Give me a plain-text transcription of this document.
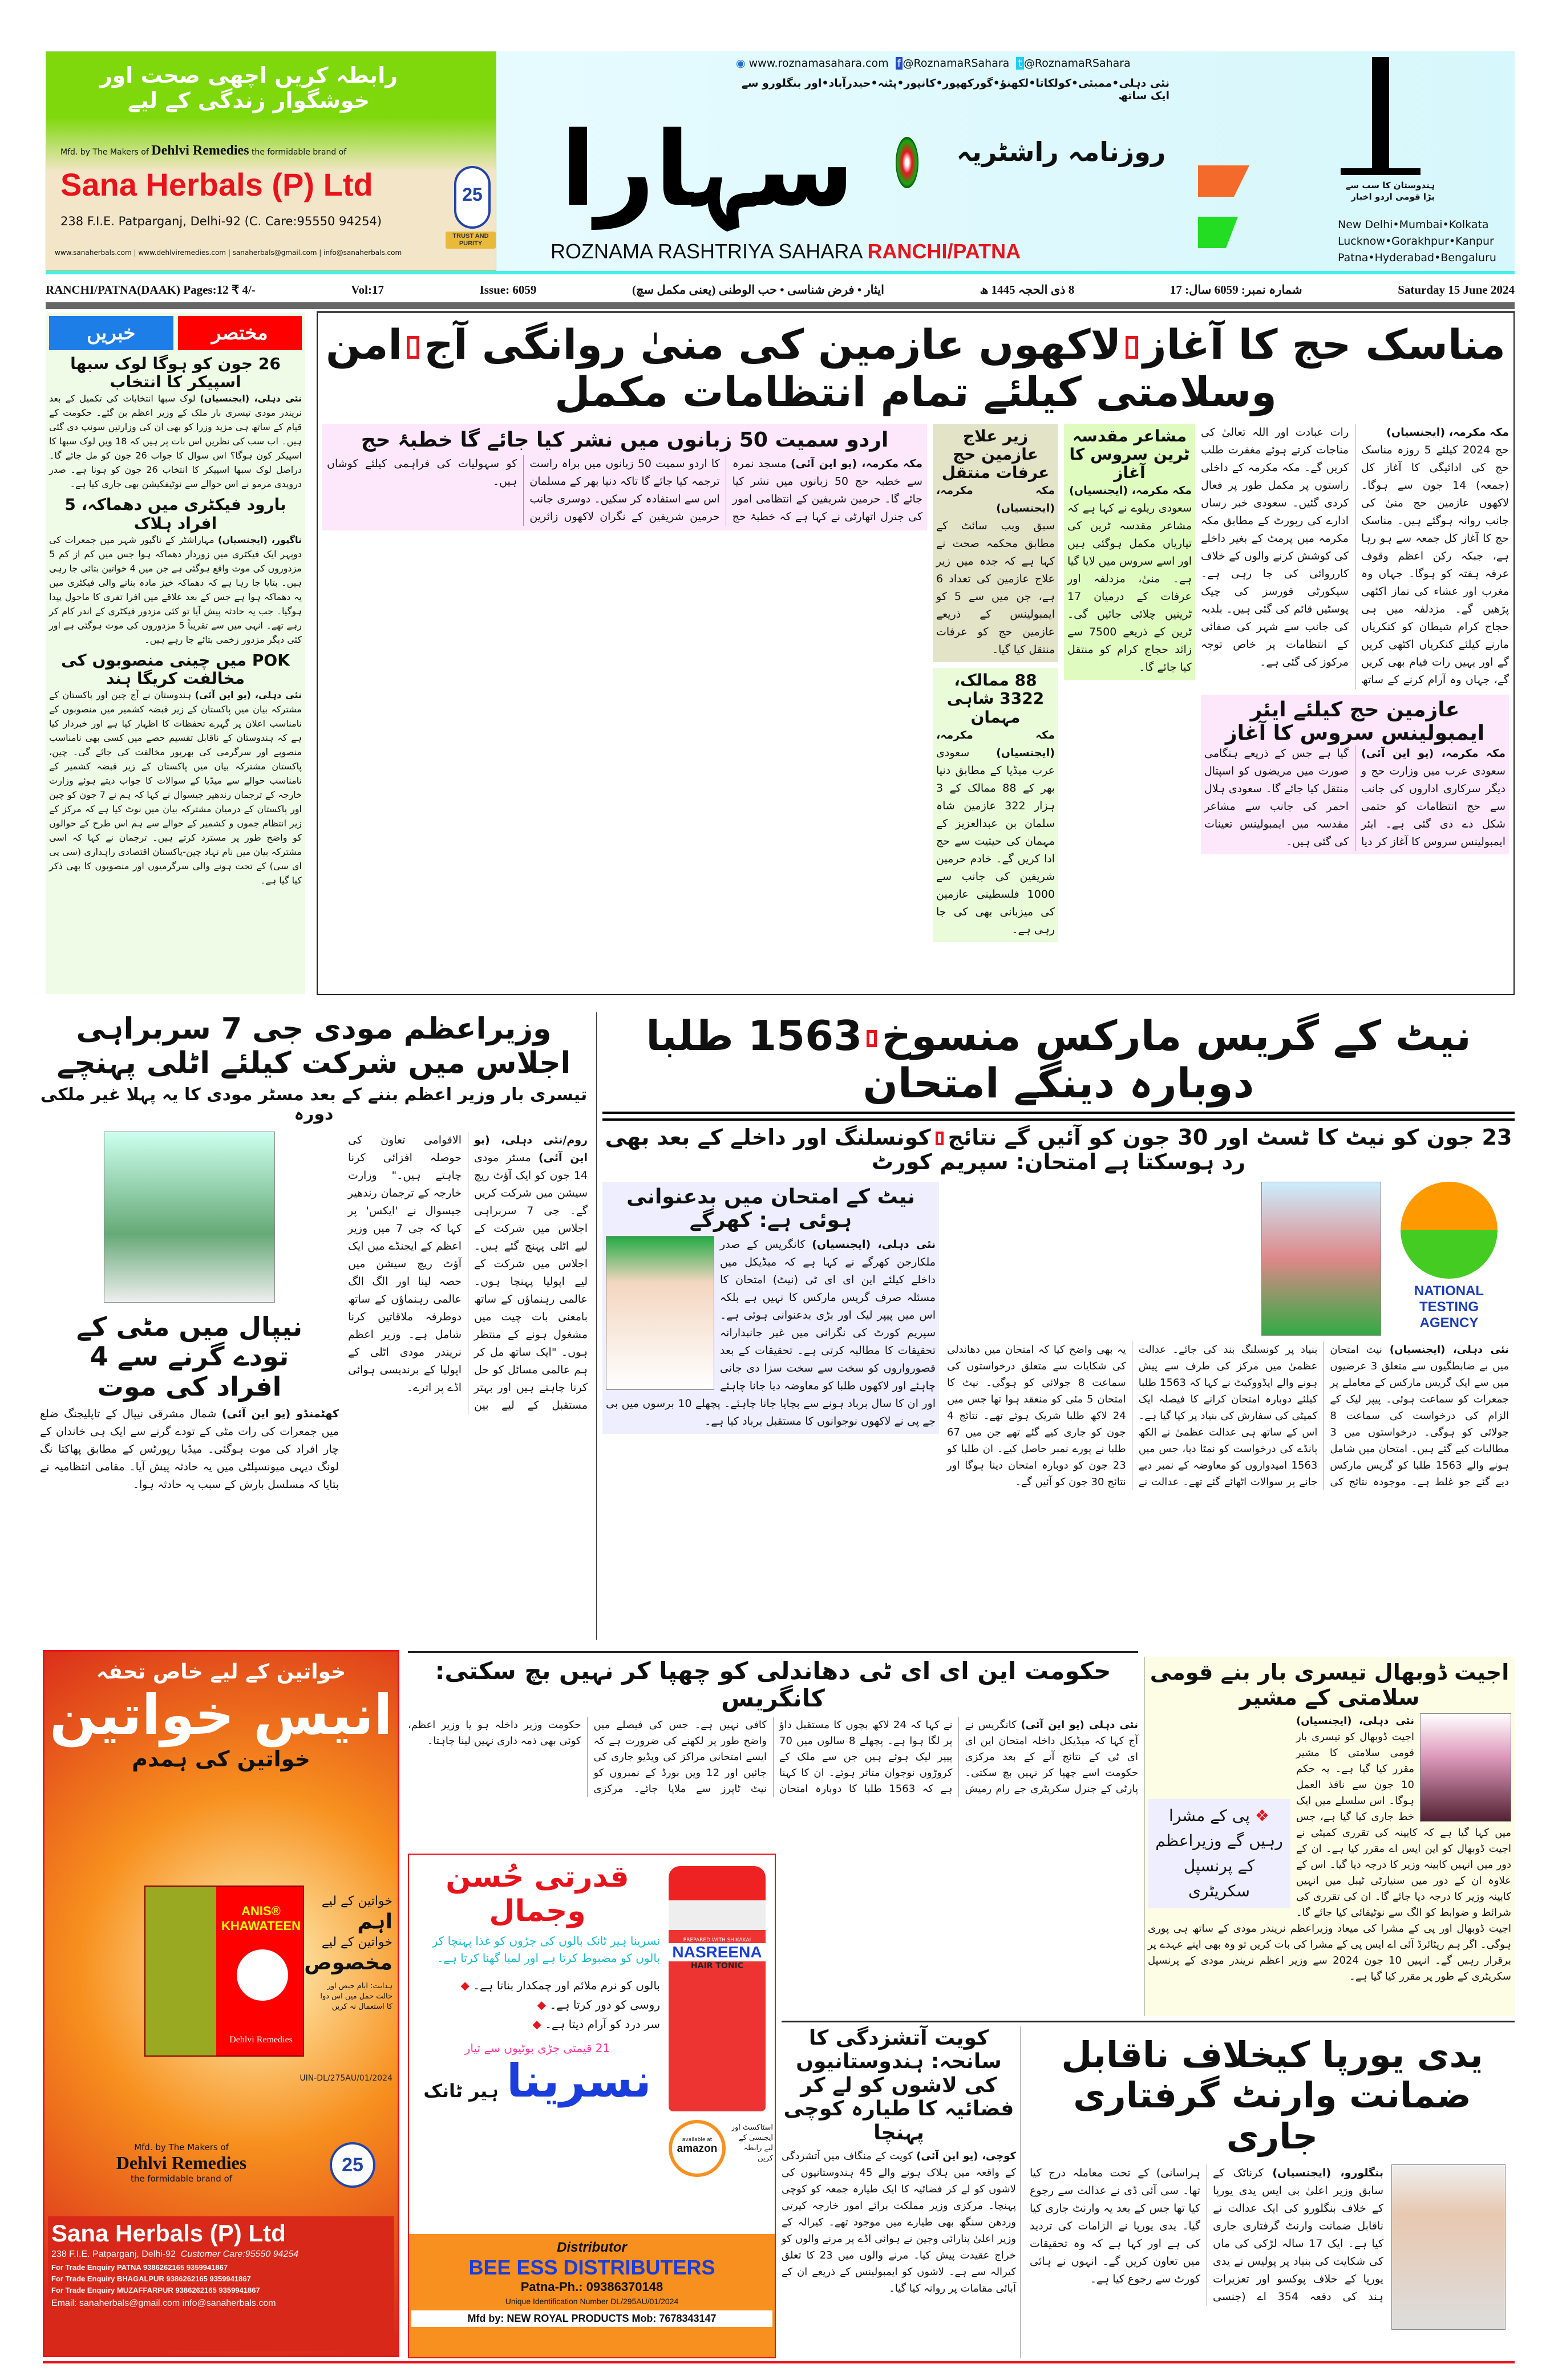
رابطہ کریں اچھی صحت اور خوشگوار زندگی کے لیے
Mfd. by The Makers of Dehlvi Remedies the formidable brand of
Sana Herbals (P) Ltd
238 F.I.E. Patparganj, Delhi-92 (C. Care:95550 94254)
www.sanaherbals.com | www.dehlviremedies.com | sanaherbals@gmail.com | info@sanaherbals.com
25
TRUST AND PURITY
سہارا	روزنامہ راشٹریہ
◉ www.roznamasahara.com f @RoznamaRSahara t @RoznamaRSahara
نئی دہلی•ممبئی•کولکاتا•لکھنؤ•گورکھپور•کانپور•پٹنہ•حیدرآباد•اور بنگلورو سے ایک ساتھ
ROZNAMA RASHTRIYA SAHARA RANCHI/PATNA
ہندوستان کا سب سے بڑا قومی اردو اخبار
New Delhi•Mumbai•Kolkata
Lucknow•Gorakhpur•Kanpur
Patna•Hyderabad•Bengaluru
RANCHI/PATNA(DAAK) Pages:12 ₹ 4/-	Vol:17	Issue: 6059	ایثار • فرض شناسی • حب الوطنی (یعنی مکمل سچ)	8 ذی الحجہ 1445 ھ	شمارہ نمبر: 6059 سال: 17	Saturday 15 June 2024
خبریں	مختصر
26 جون کو ہوگا لوک سبھا اسپیکر کا انتخاب
نئی دہلی، (ایجنسیاں) لوک سبھا انتخابات کی تکمیل کے بعد نریندر مودی تیسری بار ملک کے وزیر اعظم بن گئے۔ حکومت کے قیام کے ساتھ ہی مزید وزرا کو بھی ان کی وزارتیں سونپ دی گئی ہیں۔ اب سب کی نظریں اس بات پر ہیں کہ 18 ویں لوک سبھا کا اسپیکر کون ہوگا؟ اس سوال کا جواب 26 جون کو مل جائے گا۔ دراصل لوک سبھا اسپیکر کا انتخاب 26 جون کو ہونا ہے۔ صدر دروپدی مرمو نے اس حوالے سے نوٹیفکیشن بھی جاری کیا ہے۔
بارود فیکٹری میں دھماکہ، 5 افراد ہلاک
ناگپور، (ایجنسیاں) مہاراشٹر کے ناگپور شہر میں جمعرات کی دوپہر ایک فیکٹری میں زوردار دھماکہ ہوا جس میں کم از کم 5 مزدوروں کی موت واقع ہوگئی ہے جن میں 4 خواتین بتائی جا رہی ہیں۔ بتایا جا رہا ہے کہ دھماکہ خیز مادہ بنانے والی فیکٹری میں یہ دھماکہ ہوا ہے جس کے بعد علاقے میں افرا تفری کا ماحول پیدا ہوگیا۔ جب یہ حادثہ پیش آیا تو کئی مزدور فیکٹری کے اندر کام کر رہے تھے۔ انہی میں سے تقریباً 5 مزدوروں کی موت ہوگئی ہے اور کئی دیگر مزدور زخمی بتائے جا رہے ہیں۔
POK میں چینی منصوبوں کی مخالفت کریگا ہند
نئی دہلی، (یو این آئی) ہندوستان نے آج چین اور پاکستان کے مشترکہ بیان میں پاکستان کے زیر قبضہ کشمیر میں منصوبوں کے نامناسب اعلان پر گہرے تحفظات کا اظہار کیا ہے اور خبردار کیا ہے کہ ہندوستان کے ناقابل تقسیم حصے میں کسی بھی نامناسب منصوبے اور سرگرمی کی بھرپور مخالفت کی جائے گی۔ چین، پاکستان مشترکہ بیان میں پاکستان کے زیر قبضہ کشمیر کے نامناسب حوالے سے میڈیا کے سوالات کا جواب دیتے ہوئے وزارت خارجہ کے ترجمان رندھیر جیسوال نے کہا کہ ہم نے 7 جون کو چین اور پاکستان کے درمیان مشترکہ بیان میں نوٹ کیا ہے کہ مرکز کے زیر انتظام جموں و کشمیر کے حوالے سے ہم اس طرح کے حوالوں کو واضح طور پر مسترد کرتے ہیں۔ ترجمان نے کہا کہ اسی مشترکہ بیان میں نام نہاد چین-پاکستان اقتصادی راہداری (سی پی ای سی) کے تحت ہونے والی سرگرمیوں اور منصوبوں کا بھی ذکر کیا گیا ہے۔
مناسک حج کا آغازلاکھوں عازمین کی منیٰ روانگی آجامن وسلامتی کیلئے تمام انتظامات مکمل
اردو سمیت 50 زبانوں میں نشر کیا جائے گا خطبۂ حج
مکہ مکرمہ، (یو این آئی) مسجد نمرہ سے خطبہ حج 50 زبانوں میں نشر کیا جائے گا۔ حرمین شریفین کے انتظامی امور کی جنرل اتھارٹی نے کہا ہے کہ خطبۂ حج کا اردو سمیت 50 زبانوں میں براہ راست ترجمہ کیا جائے گا تاکہ دنیا بھر کے مسلمان اس سے استفادہ کر سکیں۔ دوسری جانب حرمین شریفین کے نگران لاکھوں زائرین کو سہولیات کی فراہمی کیلئے کوشاں ہیں۔
زیر علاج عازمین حج عرفات منتقل
مکہ مکرمہ، (ایجنسیاں)
سبق ویب سائٹ کے مطابق محکمہ صحت نے کہا ہے کہ جدہ میں زیر علاج عازمین کی تعداد 6 ہے، جن میں سے 5 کو ایمبولینس کے ذریعے عازمین حج کو عرفات منتقل کیا گیا۔
88 ممالک، 3322 شاہی مہمان
مکہ مکرمہ، (ایجنسیاں) سعودی عرب میڈیا کے مطابق دنیا بھر کے 88 ممالک کے 3 ہزار 322 عازمین شاہ سلمان بن عبدالعزیز کے مہمان کی حیثیت سے حج ادا کریں گے۔ خادم حرمین شریفین کی جانب سے 1000 فلسطینی عازمین کی میزبانی بھی کی جا رہی ہے۔
مشاعر مقدسہ ٹرین سروس کا آغاز
مکہ مکرمہ، (ایجنسیاں)
سعودی ریلوے نے کہا ہے کہ مشاعر مقدسہ ٹرین کی تیاریاں مکمل ہوگئی ہیں اور اسے سروس میں لایا گیا ہے۔ منیٰ، مزدلفہ اور عرفات کے درمیان 17 ٹرینیں چلائی جائیں گی۔ ٹرین کے ذریعے 7500 سے زائد حجاج کرام کو منتقل کیا جائے گا۔
مکہ مکرمہ، (ایجنسیاں)
حج 2024 کیلئے 5 روزہ مناسک حج کی ادائیگی کا آغاز کل (جمعہ) 14 جون سے ہوگا۔ لاکھوں عازمین حج منیٰ کی جانب روانہ ہوگئے ہیں۔ مناسک حج کا آغاز کل جمعہ سے ہو رہا ہے، جبکہ رکن اعظم وقوف عرفہ ہفتہ کو ہوگا۔ جہاں وہ مغرب اور عشاء کی نماز اکٹھی پڑھیں گے۔ مزدلفہ میں ہی حجاج کرام شیطان کو کنکریاں مارنے کیلئے کنکریاں اکٹھی کریں گے اور یہیں رات قیام بھی کریں گے، جہاں وہ آرام کرنے کے ساتھ رات عبادت اور اللہ تعالیٰ کی مناجات کرتے ہوئے مغفرت طلب کریں گے۔ مکہ مکرمہ کے داخلی راستوں پر مکمل طور پر فعال کردی گئیں۔ سعودی خبر رساں ادارے کی رپورٹ کے مطابق مکہ مکرمہ میں پرمٹ کے بغیر داخلے کی کوشش کرنے والوں کے خلاف کارروائی کی جا رہی ہے۔ سیکورٹی فورسز کی چیک پوسٹیں قائم کی گئی ہیں۔ بلدیہ کی جانب سے شہر کی صفائی کے انتظامات پر خاص توجہ مرکوز کی گئی ہے۔
عازمین حج کیلئے ایئر ایمبولینس سروس کا آغاز
مکہ مکرمہ، (یو این آئی) سعودی عرب میں وزارت حج و دیگر سرکاری اداروں کی جانب سے حج انتظامات کو حتمی شکل دے دی گئی ہے۔ ایئر ایمبولینس سروس کا آغاز کر دیا گیا ہے جس کے ذریعے ہنگامی صورت میں مریضوں کو اسپتال منتقل کیا جائے گا۔ سعودی ہلال احمر کی جانب سے مشاعر مقدسہ میں ایمبولینس تعینات کی گئی ہیں۔
وزیراعظم مودی جی 7 سربراہی اجلاس میں شرکت کیلئے اٹلی پہنچے
تیسری بار وزیر اعظم بننے کے بعد مسٹر مودی کا یہ پہلا غیر ملکی دورہ
نیپال میں مٹی کے تودے گرنے سے 4 افراد کی موت
کھٹمنڈو (یو این آئی) شمال مشرقی نیپال کے تاپلیجنگ ضلع میں جمعرات کی رات مٹی کے تودے گرنے سے ایک ہی خاندان کے چار افراد کی موت ہوگئی۔ میڈیا رپورٹس کے مطابق پھاکتا نگ لونگ دیہی میونسپلٹی میں یہ حادثہ پیش آیا۔ مقامی انتظامیہ نے بتایا کہ مسلسل بارش کے سبب یہ حادثہ ہوا۔
روم/نئی دہلی، (یو این آئی) مسٹر مودی 14 جون کو ایک آؤٹ ریچ سیشن میں شرکت کریں گے۔ جی 7 سربراہی اجلاس میں شرکت کے لیے اٹلی پہنچ گئے ہیں۔ اجلاس میں شرکت کے لیے اپولیا پہنچا ہوں۔ عالمی رہنماؤں کے ساتھ بامعنی بات چیت میں مشغول ہونے کے منتظر ہوں۔ "ایک ساتھ مل کر ہم عالمی مسائل کو حل کرنا چاہتے ہیں اور بہتر مستقبل کے لیے بین الاقوامی تعاون کی حوصلہ افزائی کرنا چاہتے ہیں۔" وزارت خارجہ کے ترجمان رندھیر جیسوال نے 'ایکس' پر کہا کہ جی 7 میں وزیر اعظم کے ایجنڈے میں ایک آؤٹ ریچ سیشن میں حصہ لینا اور الگ الگ عالمی رہنماؤں کے ساتھ دوطرفہ ملاقاتیں کرنا شامل ہے۔ وزیر اعظم نریندر مودی اٹلی کے اپولیا کے برندیسی ہوائی اڈے پر اترے۔
نیٹ کے گریس مارکس منسوخ1563 طلبا دوبارہ دینگے امتحان
23 جون کو نیٹ کا ٹسٹ اور 30 جون کو آئیں گے نتائجکونسلنگ اور داخلے کے بعد بھی رد ہوسکتا ہے امتحان: سپریم کورٹ
نیٹ کے امتحان میں بدعنوانی ہوئی ہے: کھرگے
نئی دہلی، (ایجنسیاں) کانگریس کے صدر ملکارجن کھرگے نے کہا ہے کہ میڈیکل میں داخلے کیلئے این ای ای ٹی (نیٹ) امتحان کا مسئلہ صرف گریس مارکس کا نہیں ہے بلکہ اس میں پیپر لیک اور بڑی بدعنوانی ہوئی ہے۔ سپریم کورٹ کی نگرانی میں غیر جانبدارانہ تحقیقات کا مطالبہ کرتی ہے۔ تحقیقات کے بعد قصورواروں کو سخت سے سخت سزا دی جانی چاہئے اور لاکھوں طلبا کو معاوضہ دیا جانا چاہئے اور ان کا سال برباد ہونے سے بچایا جانا چاہئے۔ پچھلے 10 برسوں میں بی جے پی نے لاکھوں نوجوانوں کا مستقبل برباد کیا ہے۔
NATIONAL TESTING AGENCY
نئی دہلی، (ایجنسیاں) نیٹ امتحان میں بے ضابطگیوں سے متعلق 3 عرضیوں میں سے ایک گریس مارکس کے معاملے پر جمعرات کو سماعت ہوئی۔ پیپر لیک کے الزام کی درخواست کی سماعت 8 جولائی کو ہوگی۔ درخواستوں میں 3 مطالبات کیے گئے ہیں۔ امتحان میں شامل ہونے والے 1563 طلبا کو گریس مارکس دیے گئے جو غلط ہے۔ موجودہ نتائج کی بنیاد پر کونسلنگ بند کی جائے۔ عدالت عظمیٰ میں مرکز کی طرف سے پیش ہونے والے ایڈووکیٹ نے کہا کہ 1563 طلبا کیلئے دوبارہ امتحان کرانے کا فیصلہ ایک کمیٹی کی سفارش کی بنیاد پر کیا گیا ہے۔ اس کے ساتھ ہی عدالت عظمیٰ نے الکھ پانڈے کی درخواست کو نمٹا دیا، جس میں 1563 امیدواروں کو معاوضہ کے نمبر دیے جانے پر سوالات اٹھائے گئے تھے۔ عدالت نے یہ بھی واضح کیا کہ امتحان میں دھاندلی کی شکایات سے متعلق درخواستوں کی سماعت 8 جولائی کو ہوگی۔ نیٹ کا امتحان 5 مئی کو منعقد ہوا تھا جس میں 24 لاکھ طلبا شریک ہوئے تھے۔ نتائج 4 جون کو جاری کیے گئے تھے جن میں 67 طلبا نے پورے نمبر حاصل کیے۔ ان طلبا کو 23 جون کو دوبارہ امتحان دینا ہوگا اور نتائج 30 جون کو آئیں گے۔
خواتین کے لیے خاص تحفہ
انیس خواتین
خواتین کی ہمدم
ANIS® KHAWATEEN
Dehlvi Remedies
خواتین کے لیے
اہم
خواتین کے لیے
مخصوص
ہدایت: ایام حیض اور حالت حمل میں اس دوا کا استعمال نہ کریں
UIN-DL/275AU/01/2024
Mfd. by The Makers of
Dehlvi Remedies
the formidable brand of
25
Sana Herbals (P) Ltd
238 F.I.E. Patparganj, Delhi-92 Customer Care:95550 94254
For Trade Enquiry PATNA 9386262165 9359941867
For Trade Enquiry BHAGALPUR 9386262165 9359941867
For Trade Enquiry MUZAFFARPUR 9386262165 9359941867
Email: sanaherbals@gmail.com info@sanaherbals.com
حکومت این ای ای ٹی دھاندلی کو چھپا کر نہیں بچ سکتی: کانگریس
نئی دہلی (یو این آئی) کانگریس نے آج کہا کہ میڈیکل داخلہ امتحان این ای ای ٹی کے نتائج آنے کے بعد مرکزی حکومت اسے چھپا کر نہیں بچ سکتی۔ پارٹی کے جنرل سکریٹری جے رام رمیش نے کہا کہ 24 لاکھ بچوں کا مستقبل داؤ پر لگا ہوا ہے۔ پچھلے 8 سالوں میں 70 پیپر لیک ہوئے ہیں جن سے ملک کے کروڑوں نوجوان متاثر ہوئے۔ ان کا کہنا ہے کہ 1563 طلبا کا دوبارہ امتحان کافی نہیں ہے۔ جس کی فیصلے میں واضح طور پر لکھنے کی ضرورت ہے کہ ایسے امتحانی مراکز کی ویڈیو جاری کی جائیں اور 12 ویں بورڈ کے نمبروں کو نیٹ ٹاپرز سے ملایا جائے۔ مرکزی حکومت وزیر داخلہ ہو یا وزیر اعظم، کوئی بھی ذمہ داری نہیں لینا چاہتا۔
قدرتی حُسن وجمال
نسرینا ہیر ٹانک بالوں کی جڑوں کو غذا پہنچا کر بالوں کو مضبوط کرتا ہے اور لمبا گھنا کرتا ہے۔
بالوں کو نرم ملائم اور چمکدار بناتا ہے۔ ◆
روسی کو دور کرتا ہے۔ ◆
سر درد کو آرام دیتا ہے۔ ◆
21 قیمتی جڑی بوٹیوں سے تیار
نسرینا
ہیر ٹانک
PREPARED WITH SHIKAKAI
NASREENA
HAIR TONIC
available at
amazon
اسٹاکسٹ اور ایجنسی کے لیے رابطہ کریں
Distributor
BEE ESS DISTRIBUTERS
Patna-Ph.: 09386370148
Unique Identification Number DL/295AU/01/2024
Mfd by: NEW ROYAL PRODUCTS Mob: 7678343147
اجیت ڈوبھال تیسری بار بنے قومی سلامتی کے مشیر
❖ پی کے مشرا رہیں گے وزیراعظم کے پرنسپل سکریٹری
نئی دہلی، (ایجنسیاں) اجیت ڈوبھال کو تیسری بار قومی سلامتی کا مشیر مقرر کیا گیا ہے۔ یہ حکم 10 جون سے نافذ العمل ہوگا۔ اس سلسلے میں ایک خط جاری کیا گیا ہے، جس میں کہا گیا ہے کہ کابینہ کی تقرری کمیٹی نے اجیت ڈوبھال کو این ایس اے مقرر کیا ہے۔ ان کے دور میں انہیں کابینہ وزیر کا درجہ دیا گیا۔ اس کے علاوہ ان کے دور میں سنیارٹی ٹیبل میں انہیں کابینہ وزیر کا درجہ دیا جائے گا۔ ان کی تقرری کی شرائط و ضوابط کو الگ سے نوٹیفائی کیا جائے گا۔ اجیت ڈوبھال اور پی کے مشرا کی میعاد وزیراعظم نریندر مودی کے ساتھ ہی پوری ہوگی۔ اگر ہم ریٹائرڈ آئی اے ایس پی کے مشرا کی بات کریں تو وہ بھی اپنے عہدے پر برقرار رہیں گے۔ انہیں 10 جون 2024 سے وزیر اعظم نریندر مودی کے پرنسپل سکریٹری کے طور پر مقرر کیا گیا ہے۔
کویت آتشزدگی کا سانحہ: ہندوستانیوں کی لاشوں کو لے کر فضائیہ کا طیارہ کوچی پہنچا
کوچی، (یو این آئی) کویت کے منگاف میں آتشزدگی کے واقعہ میں ہلاک ہونے والے 45 ہندوستانیوں کی لاشوں کو لے کر فضائیہ کا ایک طیارہ جمعہ کو کوچی پہنچا۔ مرکزی وزیر مملکت برائے امور خارجہ کیرتی وردھن سنگھ بھی طیارے میں موجود تھے۔ کیرالہ کے وزیر اعلیٰ پنارائی وجین نے ہوائی اڈے پر مرنے والوں کو خراج عقیدت پیش کیا۔ مرنے والوں میں 23 کا تعلق کیرالہ سے ہے۔ لاشوں کو ایمبولینس کے ذریعے ان کے آبائی مقامات پر روانہ کیا گیا۔
یدی یورپا کیخلاف ناقابل ضمانت وارنٹ گرفتاری جاری
بنگلورو، (ایجنسیاں) کرناٹک کے سابق وزیر اعلیٰ بی ایس یدی یورپا کے خلاف بنگلورو کی ایک عدالت نے ناقابل ضمانت وارنٹ گرفتاری جاری کیا ہے۔ ایک 17 سالہ لڑکی کی ماں کی شکایت کی بنیاد پر پولیس نے یدی یورپا کے خلاف پوکسو اور تعزیرات ہند کی دفعہ 354 اے (جنسی ہراسانی) کے تحت معاملہ درج کیا تھا۔ سی آئی ڈی نے عدالت سے رجوع کیا تھا جس کے بعد یہ وارنٹ جاری کیا گیا۔ یدی یورپا نے الزامات کی تردید کی ہے اور کہا ہے کہ وہ تحقیقات میں تعاون کریں گے۔ انہوں نے ہائی کورٹ سے رجوع کیا ہے۔
